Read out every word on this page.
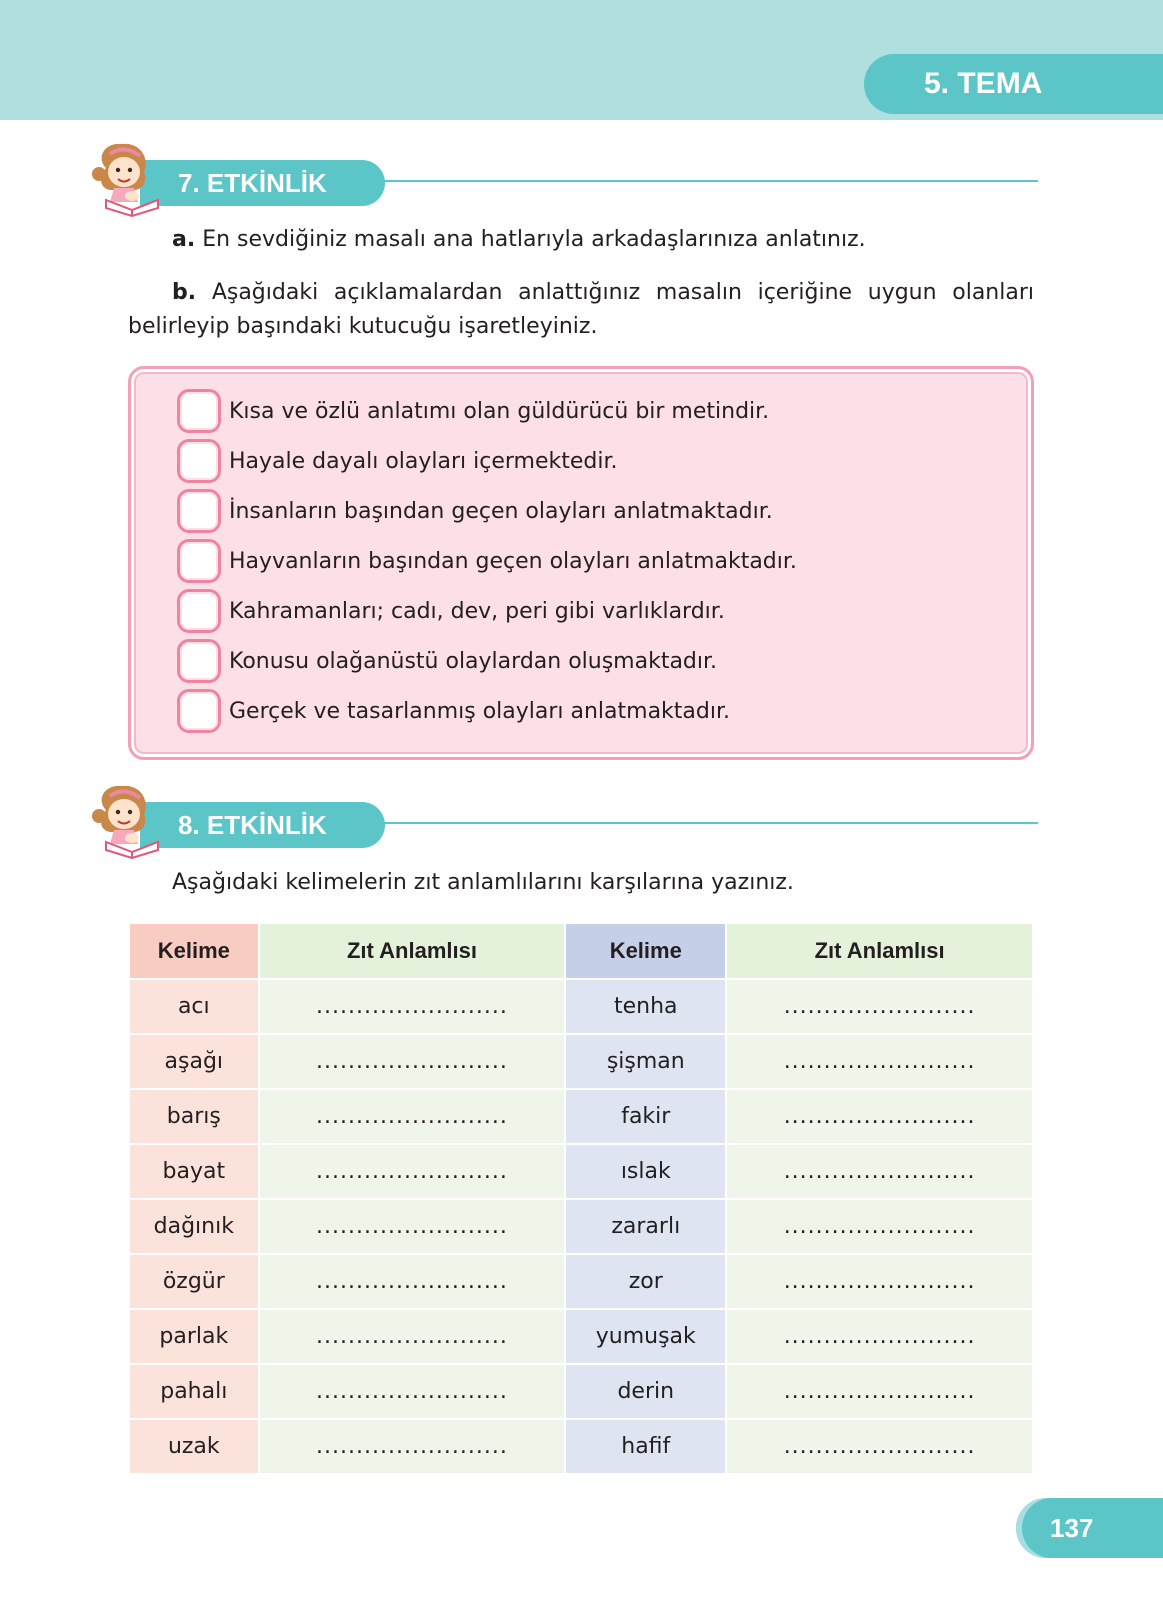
5. TEMA
7. ETKİNLİK
a. En sevdiğiniz masalı ana hatlarıyla arkadaşlarınıza anlatınız.
b. Aşağıdaki açıklamalardan anlattığınız masalın içeriğine uygun olanları belirleyip başındaki kutucuğu işaretleyiniz.
Kısa ve özlü anlatımı olan güldürücü bir metindir.
Hayale dayalı olayları içermektedir.
İnsanların başından geçen olayları anlatmaktadır.
Hayvanların başından geçen olayları anlatmaktadır.
Kahramanları; cadı, dev, peri gibi varlıklardır.
Konusu olağanüstü olaylardan oluşmaktadır.
Gerçek ve tasarlanmış olayları anlatmaktadır.
8. ETKİNLİK
Aşağıdaki kelimelerin zıt anlamlılarını karşılarına yazınız.
Kelime	Zıt Anlamlısı	Kelime	Zıt Anlamlısı
acı	........................	tenha	........................
aşağı	........................	şişman	........................
barış	........................	fakir	........................
bayat	........................	ıslak	........................
dağınık	........................	zararlı	........................
özgür	........................	zor	........................
parlak	........................	yumuşak	........................
pahalı	........................	derin	........................
uzak	........................	hafif	........................
137
